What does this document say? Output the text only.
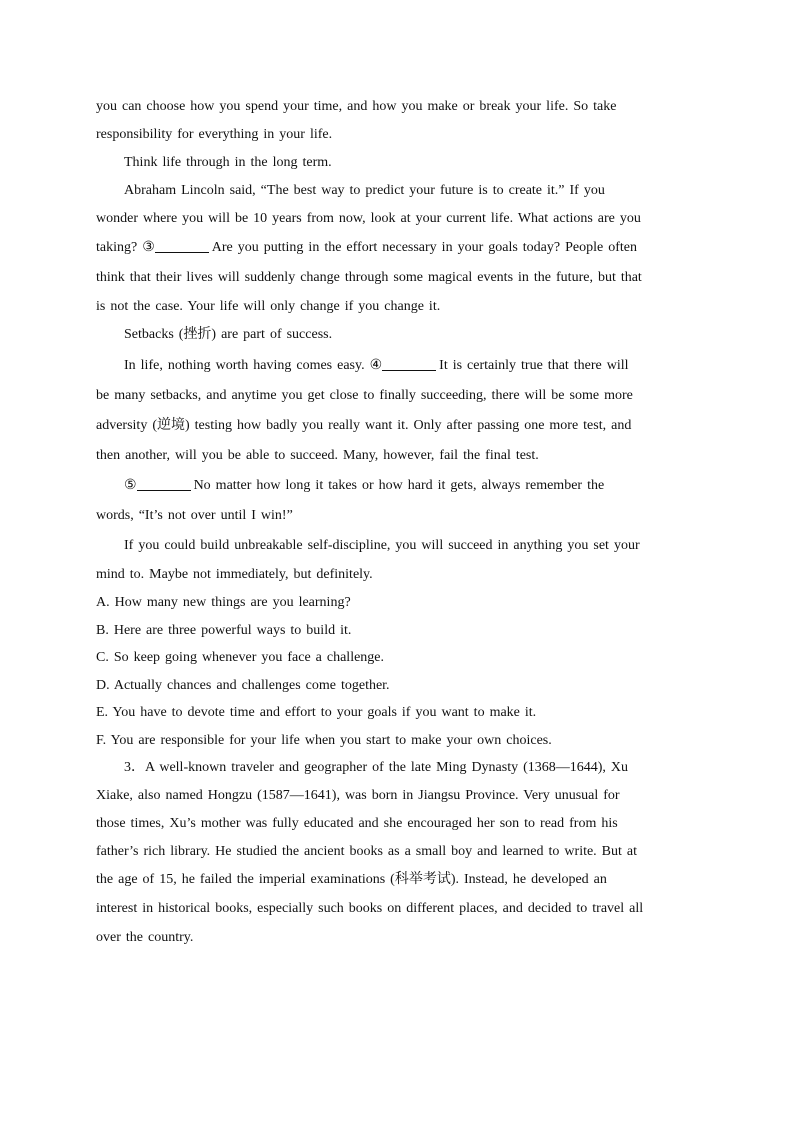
you can choose how you spend your time, and how you make or break your life. So take
responsibility for everything in your life.
Think life through in the long term.
Abraham Lincoln said, “The best way to predict your future is to create it.” If you
wonder where you will be 10 years from now, look at your current life. What actions are you
taking? ③	Are you putting in the effort necessary in your goals today? People often
think that their lives will suddenly change through some magical events in the future, but that
is not the case. Your life will only change if you change it.
Setbacks (挫折) are part of success.
In life, nothing worth having comes easy. ④	It is certainly true that there will
be many setbacks, and anytime you get close to finally succeeding, there will be some more
adversity (逆境) testing how badly you really want it. Only after passing one more test, and
then another, will you be able to succeed. Many, however, fail the final test.
⑤	No matter how long it takes or how hard it gets, always remember the
words, “It’s not over until I win!”
If you could build unbreakable self-discipline, you will succeed in anything you set your
mind to. Maybe not immediately, but definitely.
A. How many new things are you learning?
B. Here are three powerful ways to build it.
C. So keep going whenever you face a challenge.
D. Actually chances and challenges come together.
E. You have to devote time and effort to your goals if you want to make it.
F. You are responsible for your life when you start to make your own choices.
3．A well-known traveler and geographer of the late Ming Dynasty (1368—1644), Xu
Xiake, also named Hongzu (1587—1641), was born in Jiangsu Province. Very unusual for
those times, Xu’s mother was fully educated and she encouraged her son to read from his
father’s rich library. He studied the ancient books as a small boy and learned to write. But at
the age of 15, he failed the imperial examinations (科举考试). Instead, he developed an
interest in historical books, especially such books on different places, and decided to travel all
over the country.
